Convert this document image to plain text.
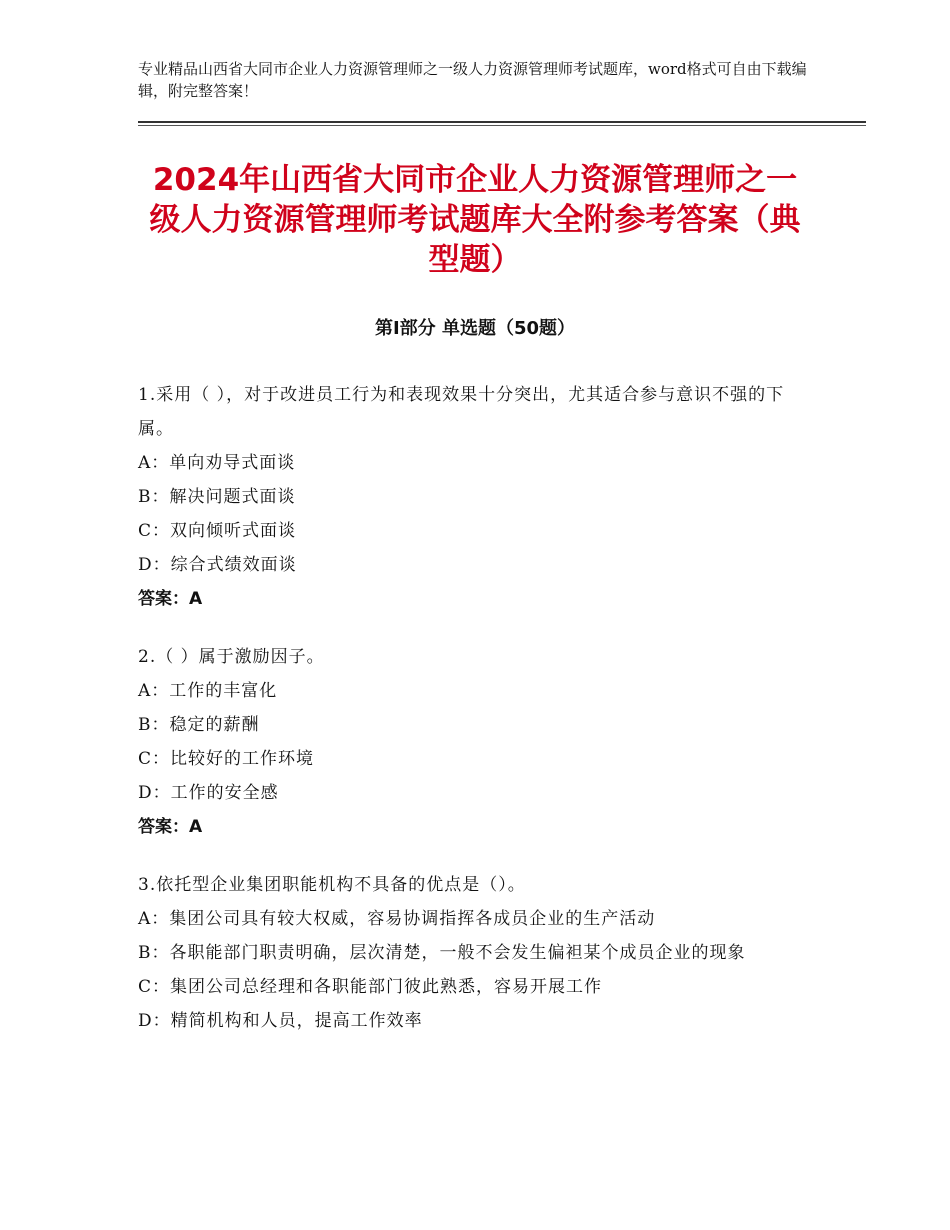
专业精品山西省大同市企业人力资源管理师之一级人力资源管理师考试题库，word格式可自由下载编辑，附完整答案！
2024年山西省大同市企业人力资源管理师之一级人力资源管理师考试题库大全附参考答案（典型题）
第Ⅰ部分 单选题（50题）

1.采用（ ），对于改进员工行为和表现效果十分突出，尤其适合参与意识不强的下属。

A：单向劝导式面谈

B：解决问题式面谈

C：双向倾听式面谈

D：综合式绩效面谈

答案：A

2.（ ）属于激励因子。

A：工作的丰富化

B：稳定的薪酬

C：比较好的工作环境

D：工作的安全感

答案：A

3.依托型企业集团职能机构不具备的优点是（）。

A：集团公司具有较大权威，容易协调指挥各成员企业的生产活动

B：各职能部门职责明确，层次清楚，一般不会发生偏袒某个成员企业的现象

C：集团公司总经理和各职能部门彼此熟悉，容易开展工作

D：精简机构和人员，提高工作效率
